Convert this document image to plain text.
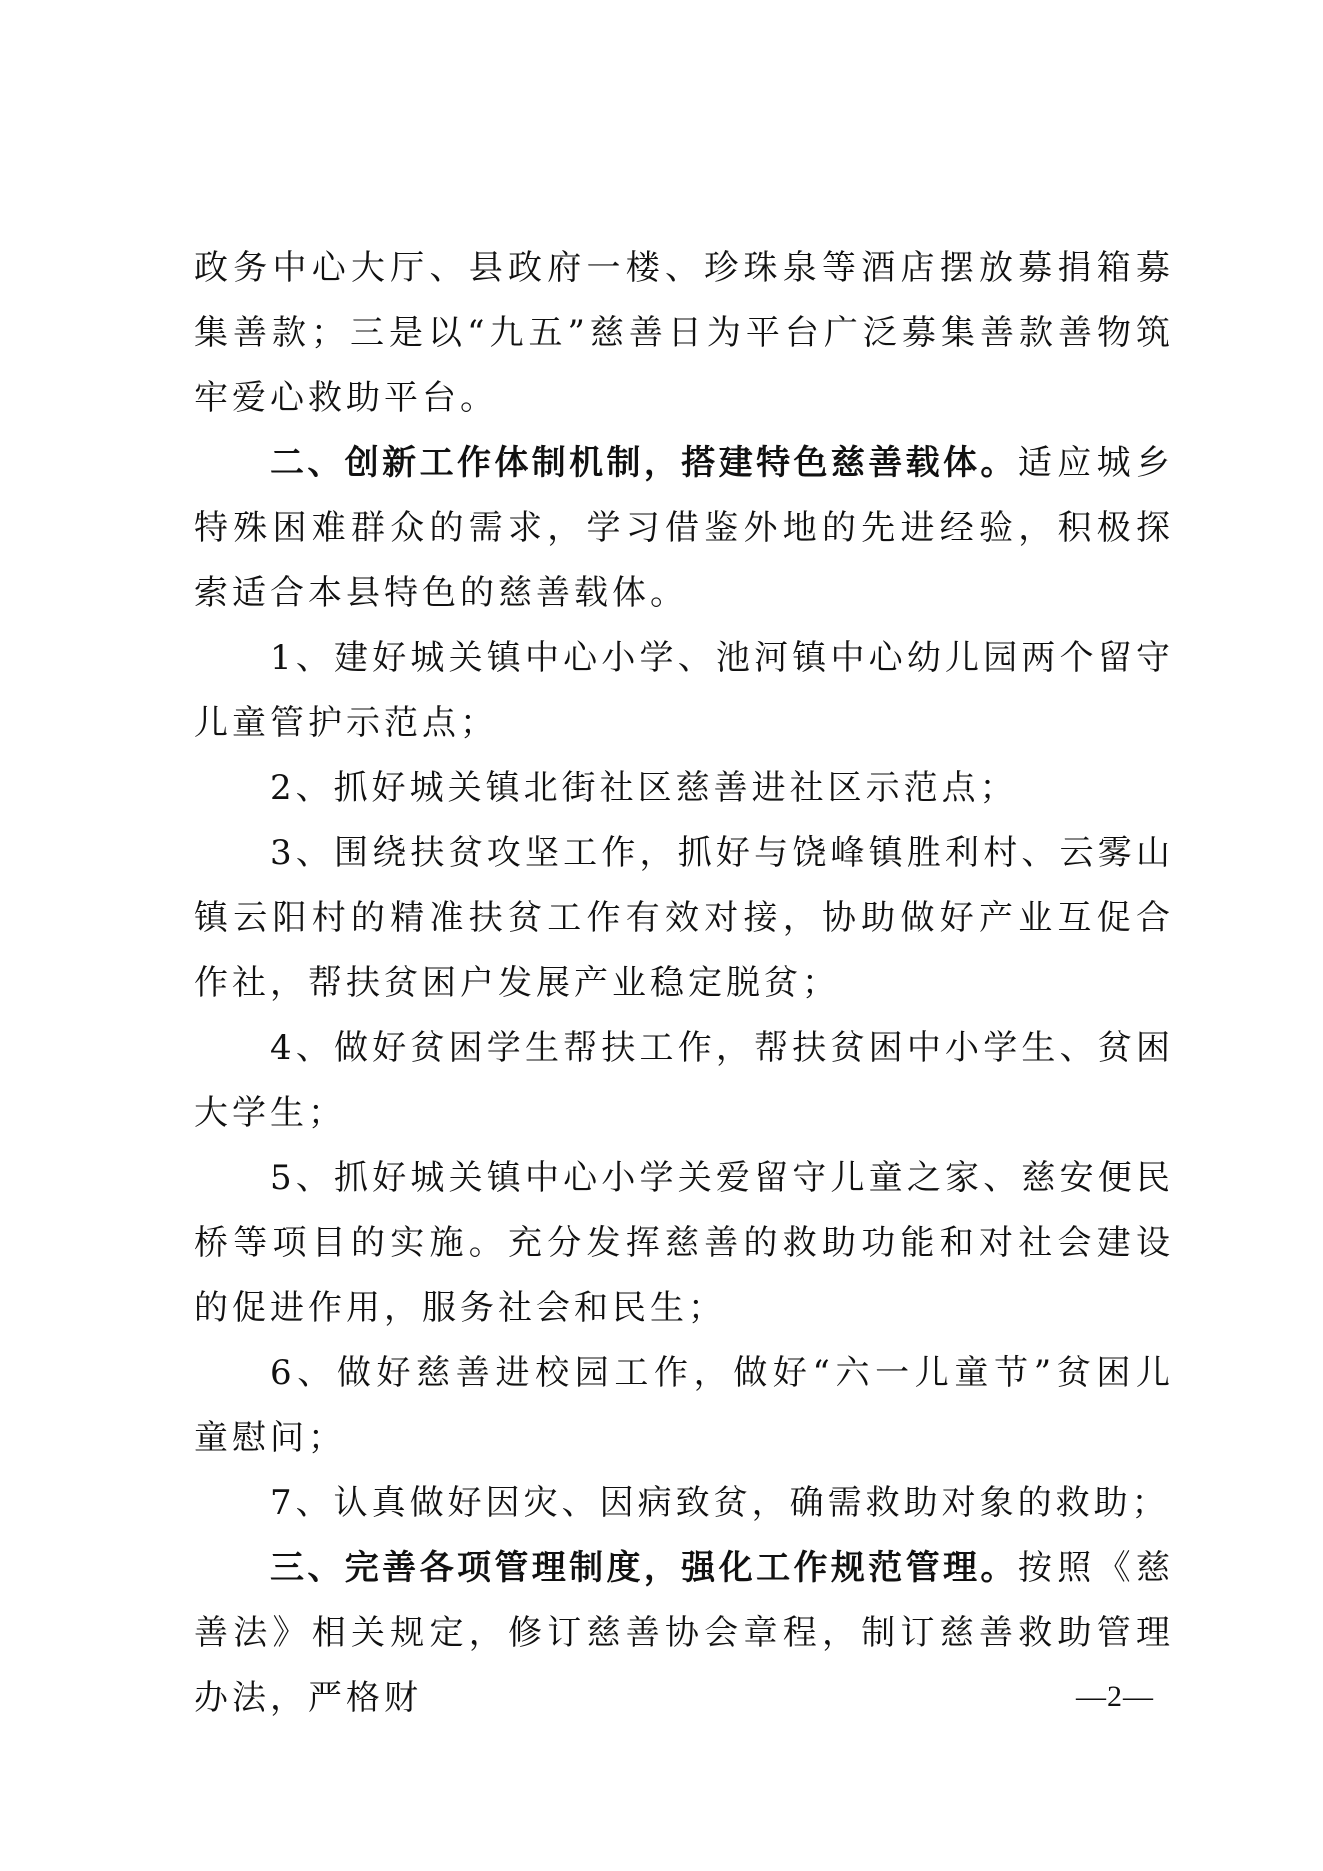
政务中心大厅、县政府一楼、珍珠泉等酒店摆放募捐箱募集善款；三是以“九五”慈善日为平台广泛募集善款善物筑牢爱心救助平台。

二、创新工作体制机制，搭建特色慈善载体。适应城乡特殊困难群众的需求，学习借鉴外地的先进经验，积极探索适合本县特色的慈善载体。

1、建好城关镇中心小学、池河镇中心幼儿园两个留守儿童管护示范点；

2、抓好城关镇北街社区慈善进社区示范点；

3、围绕扶贫攻坚工作，抓好与饶峰镇胜利村、云雾山镇云阳村的精准扶贫工作有效对接，协助做好产业互促合作社，帮扶贫困户发展产业稳定脱贫；

4、做好贫困学生帮扶工作，帮扶贫困中小学生、贫困大学生；

5、抓好城关镇中心小学关爱留守儿童之家、慈安便民桥等项目的实施。充分发挥慈善的救助功能和对社会建设的促进作用，服务社会和民生；

6、做好慈善进校园工作，做好“六一儿童节”贫困儿童慰问；

7、认真做好因灾、因病致贫，确需救助对象的救助；

三、完善各项管理制度，强化工作规范管理。按照《慈善法》相关规定，修订慈善协会章程，制订慈善救助管理办法，严格财	—2—
